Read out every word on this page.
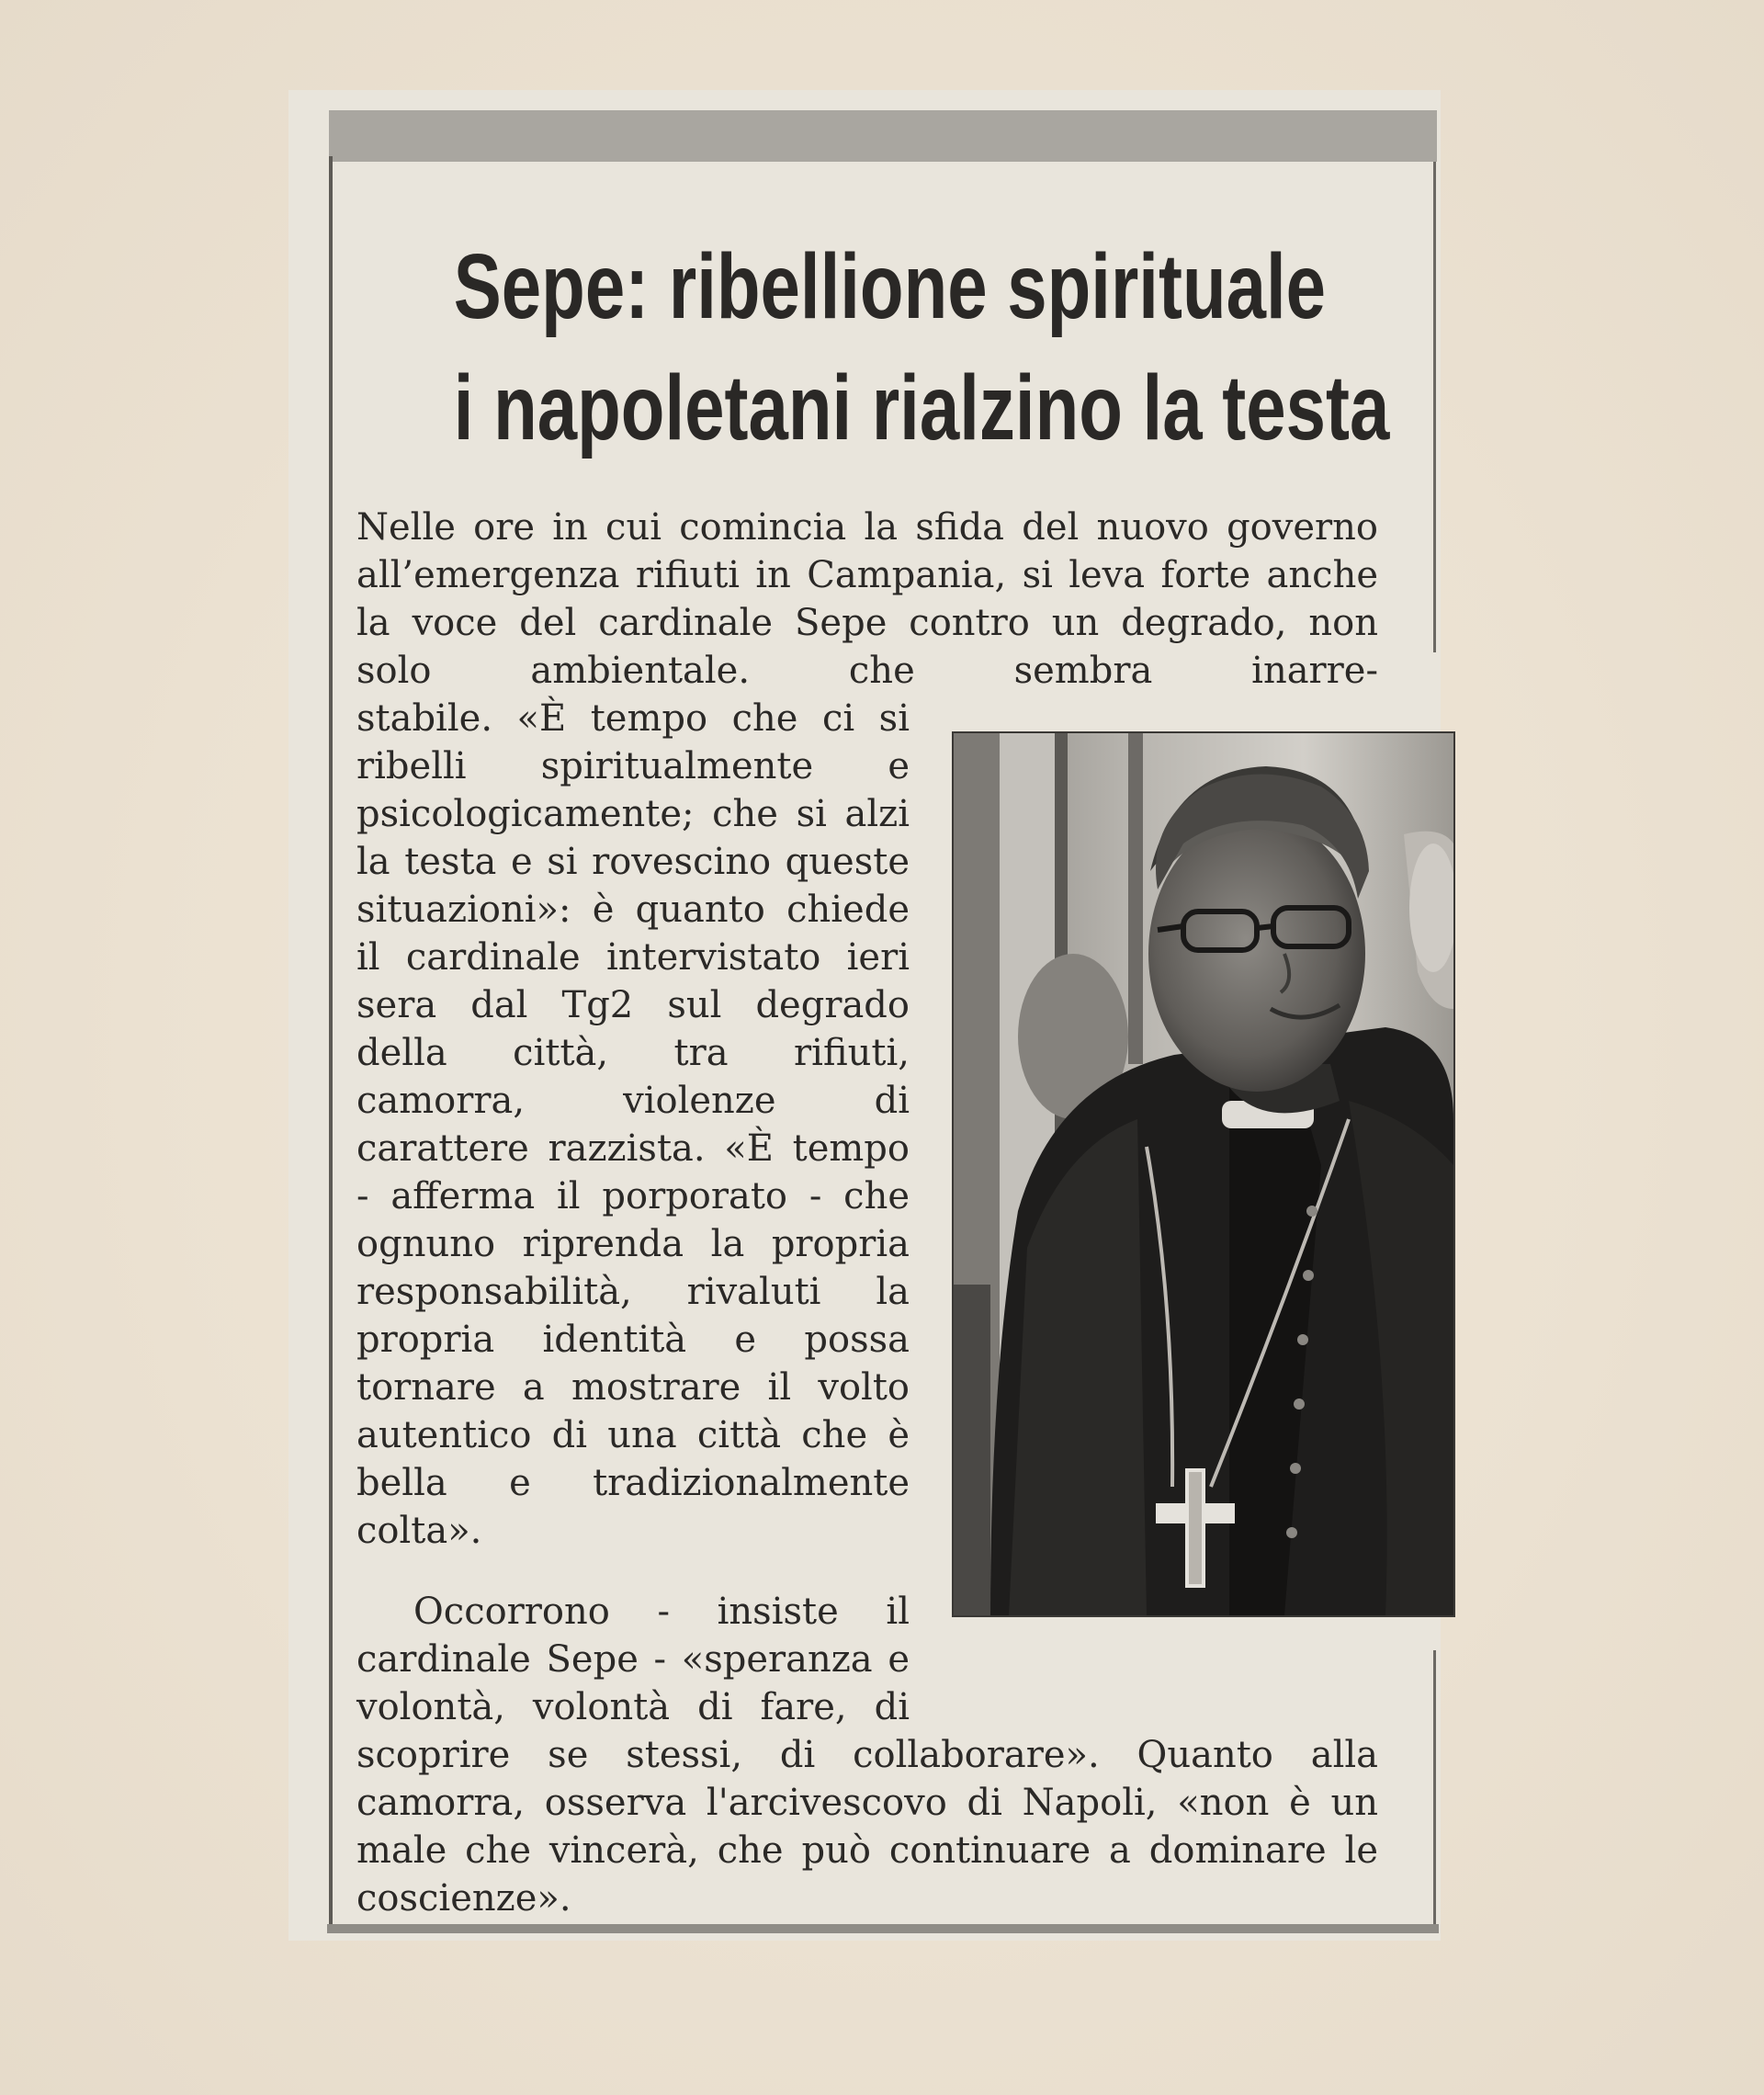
Sepe: ribellione spirituale
i napoletani rialzino la testa

Nelle ore in cui comincia la sfida del nuovo governo all’emergenza rifiuti in Campania, si leva forte anche la voce del cardinale Sepe contro un degrado, non solo ambientale. che sembra inarre-

stabile. «È tempo che ci si ribelli spiritualmente e psicologicamente; che si alzi la testa e si rovescino queste situazioni»: è quanto chiede il cardinale intervistato ieri sera dal Tg2 sul degrado della città, tra rifiuti, camorra, violenze di carattere razzista. «È tempo - afferma il porporato - che ognuno riprenda la propria responsabilità, rivaluti la propria identità e possa tornare a mostrare il volto autentico di una città che è bella e tradizionalmente colta».

Occorrono - insiste il cardinale Sepe - «speranza e volontà, volontà di fare, di

scoprire se stessi, di collaborare». Quanto alla camorra, osserva l'arcivescovo di Napoli, «non è un male che vincerà, che può continuare a dominare le coscienze».
